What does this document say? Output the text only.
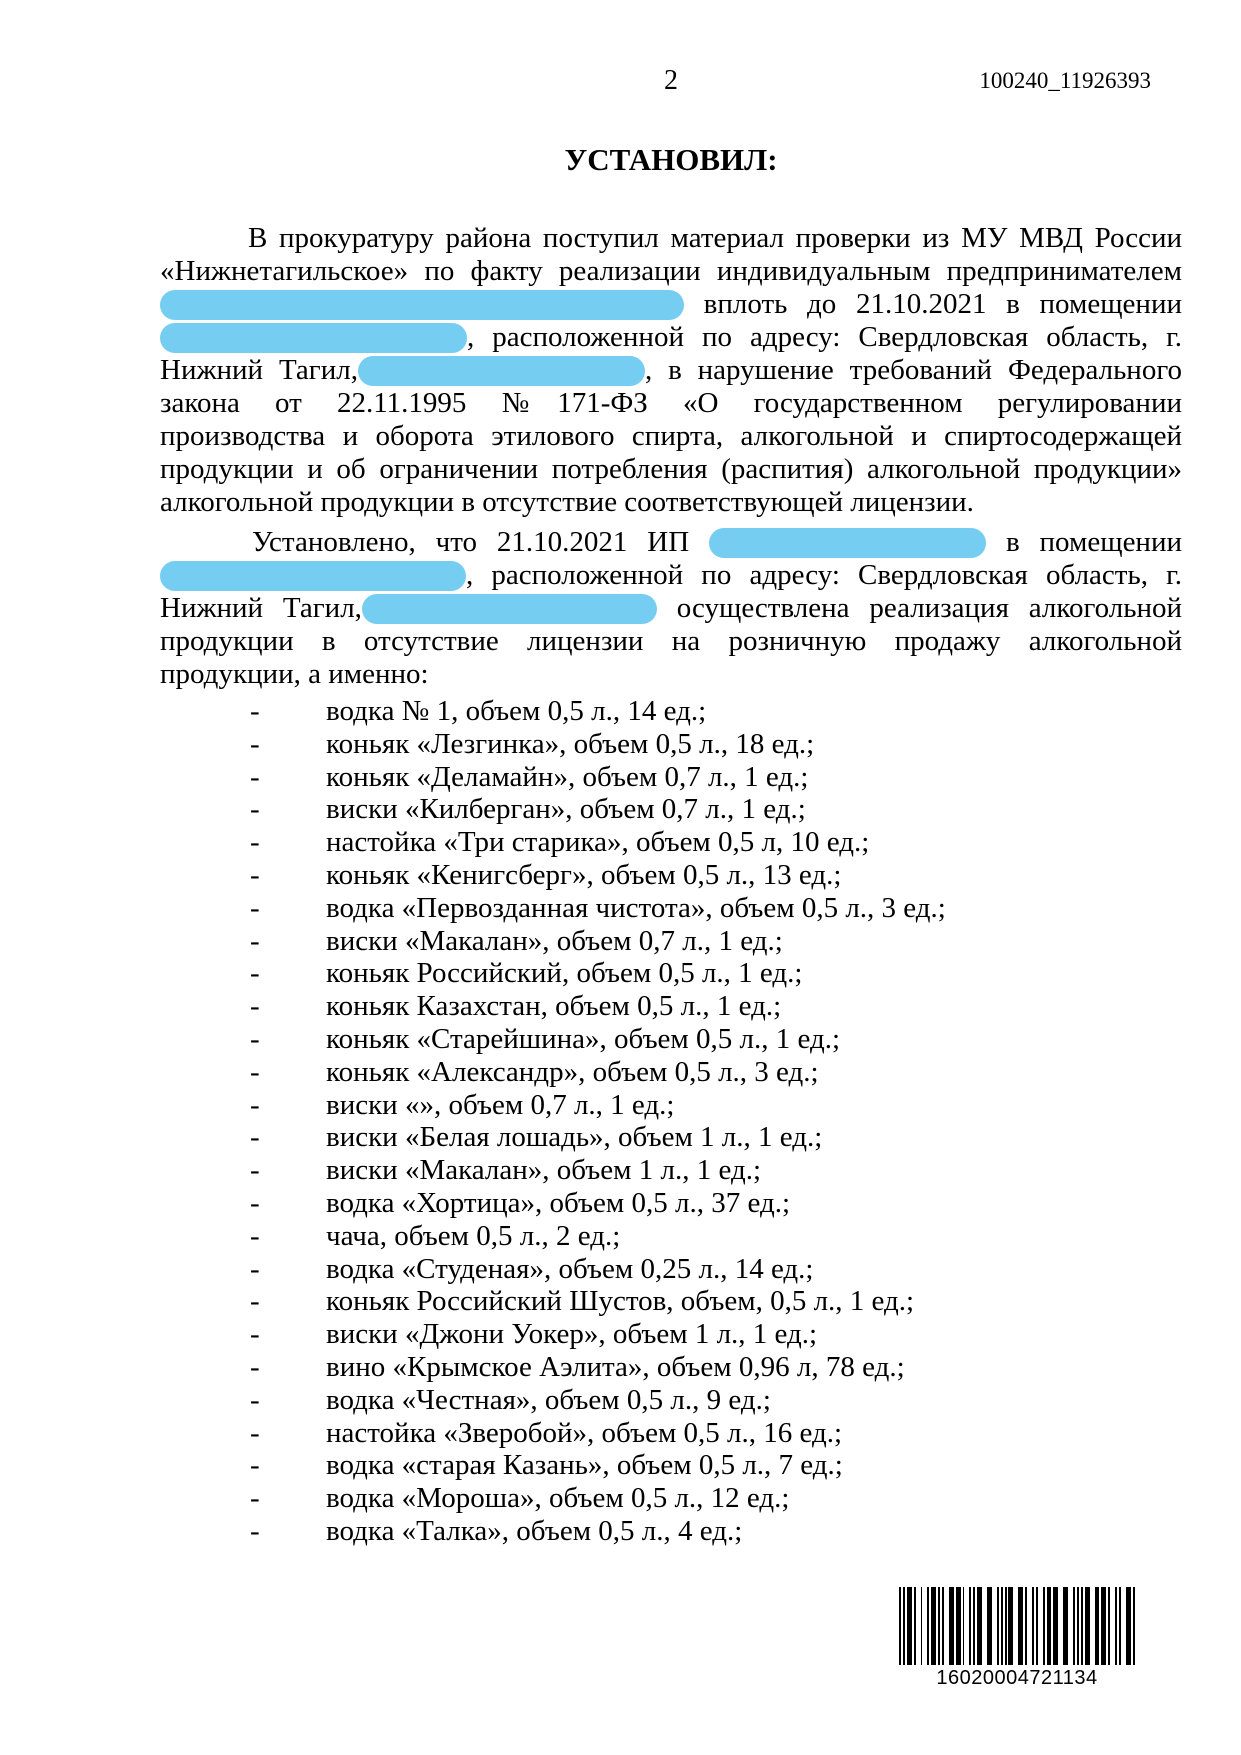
2	100240_11926393
УСТАНОВИЛ:
В прокуратуру района поступил материал проверки из МУ МВД России
«Нижнетагильское» по факту реализации индивидуальным предпринимателем
вплоть до 21.10.2021 в помещении
, расположенной по адресу: Свердловская область, г.
Нижний Тагил,	, в нарушение требований Федерального
закона от 22.11.1995 №171-ФЗ «О государственном регулировании
производства и оборота этилового спирта, алкогольной и спиртосодержащей
продукции и об ограничении потребления (распития) алкогольной продукции»
алкогольной продукции в отсутствие соответствующей лицензии.
Установлено, что 21.10.2021 ИП	в помещении
, расположенной по адресу: Свердловская область, г.
Нижний Тагил,	осуществлена реализация алкогольной
продукции в отсутствие лицензии на розничную продажу алкогольной
продукции, а именно:
- водка № 1, объем 0,5 л., 14 ед.;
- коньяк «Лезгинка», объем 0,5 л., 18 ед.;
- коньяк «Деламайн», объем 0,7 л., 1 ед.;
- виски «Килберган», объем 0,7 л., 1 ед.;
- настойка «Три старика», объем 0,5 л, 10 ед.;
- коньяк «Кенигсберг», объем 0,5 л., 13 ед.;
- водка «Первозданная чистота», объем 0,5 л., 3 ед.;
- виски «Макалан», объем 0,7 л., 1 ед.;
- коньяк Российский, объем 0,5 л., 1 ед.;
- коньяк Казахстан, объем 0,5 л., 1 ед.;
- коньяк «Старейшина», объем 0,5 л., 1 ед.;
- коньяк «Александр», объем 0,5 л., 3 ед.;
- виски «», объем 0,7 л., 1 ед.;
- виски «Белая лошадь», объем 1 л., 1 ед.;
- виски «Макалан», объем 1 л., 1 ед.;
- водка «Хортица», объем 0,5 л., 37 ед.;
- чача, объем 0,5 л., 2 ед.;
- водка «Студеная», объем 0,25 л., 14 ед.;
- коньяк Российский Шустов, объем, 0,5 л., 1 ед.;
- виски «Джони Уокер», объем 1 л., 1 ед.;
- вино «Крымское Аэлита», объем 0,96 л, 78 ед.;
- водка «Честная», объем 0,5 л., 9 ед.;
- настойка «Зверобой», объем 0,5 л., 16 ед.;
- водка «старая Казань», объем 0,5 л., 7 ед.;
- водка «Мороша», объем 0,5 л., 12 ед.;
- водка «Талка», объем 0,5 л., 4 ед.;
16020004721134
